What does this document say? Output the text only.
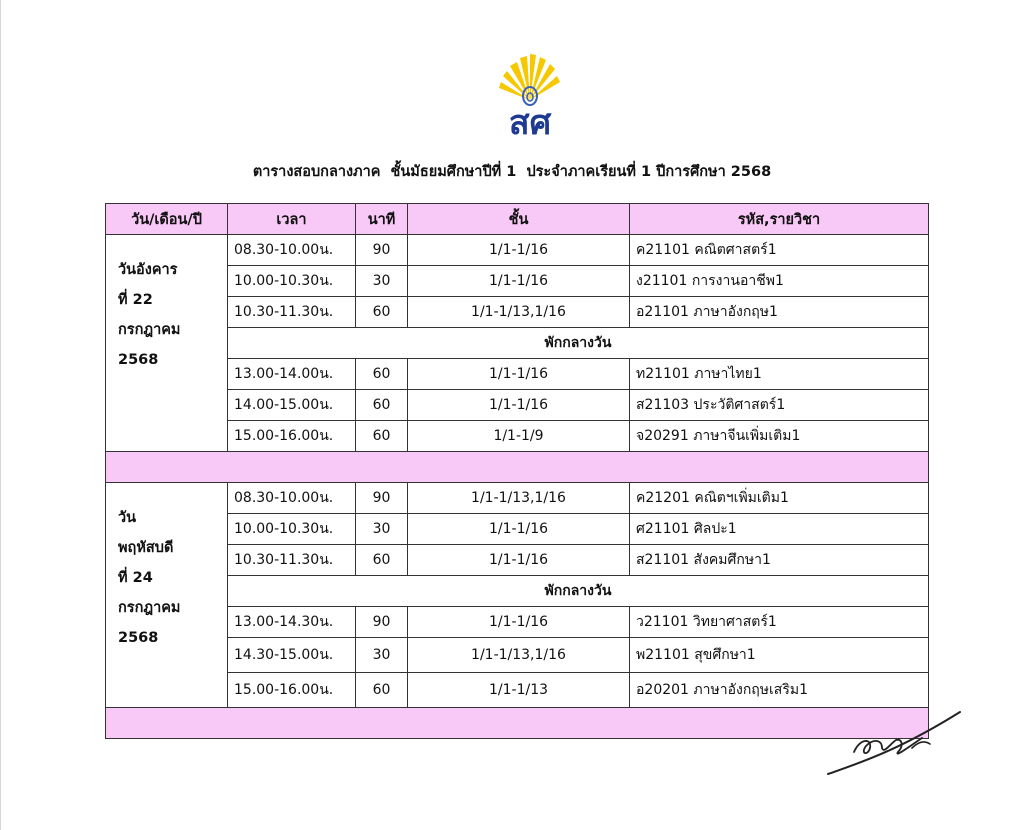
สศ
ตารางสอบกลางภาค  ชั้นมัธยมศึกษาปีที่ 1  ประจำภาคเรียนที่ 1 ปีการศึกษา 2568
วัน/เดือน/ปี	เวลา	นาที	ชั้น	รหัส,รายวิชา

วันอังคาร
ที่ 22
กรกฎาคม
2568	08.30-10.00น.	90	1/1-1/16	ค21101 คณิตศาสตร์1
	10.00-10.30น.	30	1/1-1/16	ง21101 การงานอาชีพ1
	10.30-11.30น.	60	1/1-1/13,1/16	อ21101 ภาษาอังกฤษ1
	พักกลางวัน			
	13.00-14.00น.	60	1/1-1/16	ท21101 ภาษาไทย1
	14.00-15.00น.	60	1/1-1/16	ส21103 ประวัติศาสตร์1
	15.00-16.00น.	60	1/1-1/9	จ20291 ภาษาจีนเพิ่มเติม1

วัน
พฤหัสบดี
ที่ 24
กรกฎาคม
2568	08.30-10.00น.	90	1/1-1/13,1/16	ค21201 คณิตฯเพิ่มเติม1
	10.00-10.30น.	30	1/1-1/16	ศ21101 ศิลปะ1
	10.30-11.30น.	60	1/1-1/16	ส21101 สังคมศึกษา1
	พักกลางวัน			
	13.00-14.30น.	90	1/1-1/16	ว21101 วิทยาศาสตร์1
	14.30-15.00น.	30	1/1-1/13,1/16	พ21101 สุขศึกษา1
	15.00-16.00น.	60	1/1-1/13	อ20201 ภาษาอังกฤษเสริม1
